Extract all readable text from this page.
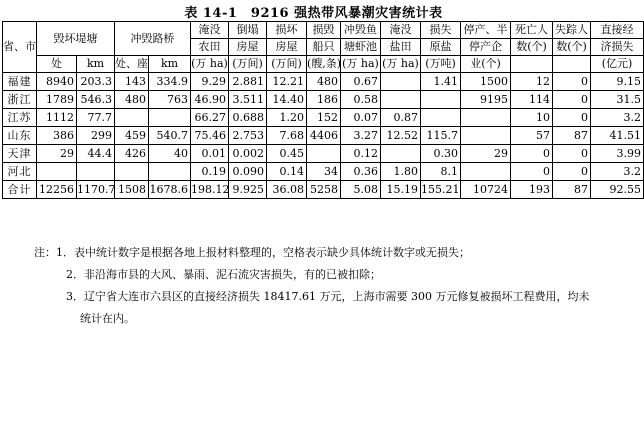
表 14-1　9216 强热带风暴潮灾害统计表
省、市	毁坏堤塘		冲毁路桥		淹没	倒塌	损坏	损毁	冲毁鱼	淹没	损失	停产、半	死亡人	失踪人	直接经
					农田	房屋	房屋	船只	塘虾池	盐田	原盐	停产企	数(个)	数(个)	济损失
	处	km	处、座	km	(万 ha)	(万间)	(万间)	(艘,条)	(万 ha)	(万 ha)	(万吨)	业(个)			(亿元)
福建	8940	203.3	143	334.9	9.29	2.881	12.21	480	0.67		1.41	1500	12	0	9.15
浙江	1789	546.3	480	763	46.90	3.511	14.40	186	0.58			9195	114	0	31.5
江苏	1112	77.7			66.27	0.688	1.20	152	0.07	0.87			10	0	3.2
山东	386	299	459	540.7	75.46	2.753	7.68	4406	3.27	12.52	115.7		57	87	41.51
天津	29	44.4	426	40	0.01	0.002	0.45		0.12		0.30	29	0	0	3.99
河北					0.19	0.090	0.14	34	0.36	1.80	8.1		0	0	3.2
合计	12256	1170.7	1508	1678.6	198.12	9.925	36.08	5258	5.08	15.19	155.21	10724	193	87	92.55
注：1．表中统计数字是根据各地上报材料整理的，空格表示缺少具体统计数字或无损失；
2．非沿海市县的大风、暴雨、泥石流灾害损失，有的已被扣除；
3．辽宁省大连市六县区的直接经济损失 18417.61 万元，上海市需要 300 万元修复被损坏工程费用，均未
统计在内。
